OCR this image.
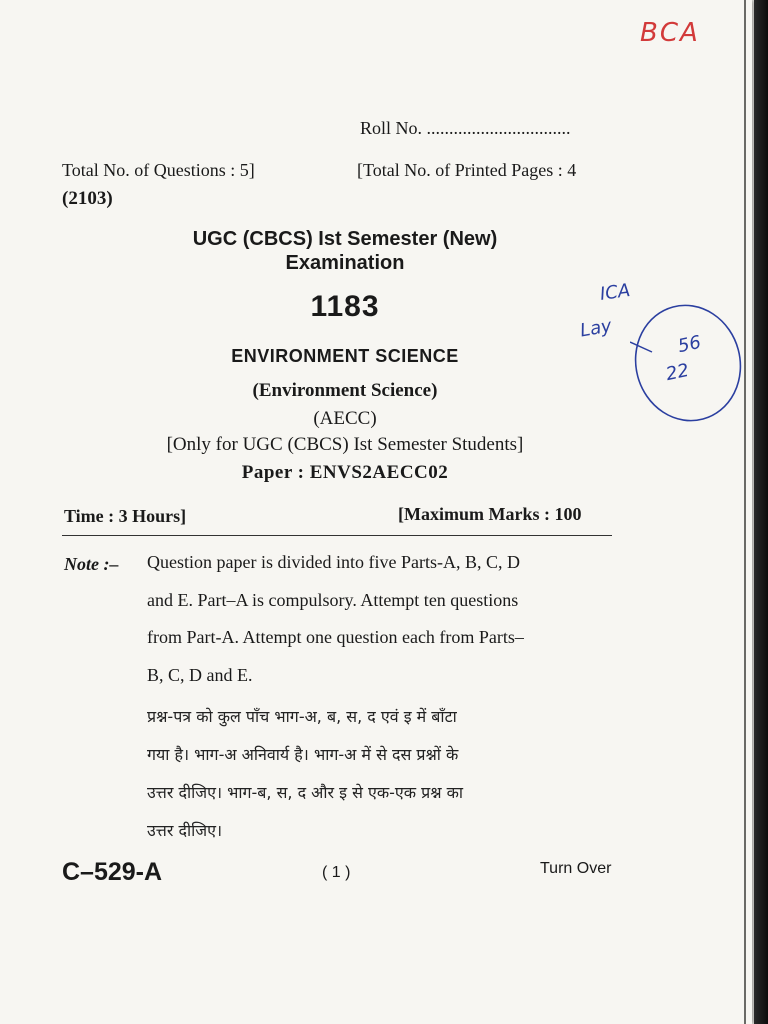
BCA
ICA
Lay
56
22
Roll No. ................................
Total No. of Questions : 5]	[Total No. of Printed Pages : 4
(2103)
UGC (CBCS) Ist Semester (New)
Examination
1183
ENVIRONMENT SCIENCE
(Environment Science)
(AECC)
[Only for UGC (CBCS) Ist Semester Students]
Paper : ENVS2AECC02
Time : 3 Hours]	[Maximum Marks : 100
Note :– Question paper is divided into five Parts-A, B, C, D
and E. Part–A is compulsory. Attempt ten questions
from Part-A. Attempt one question each from Parts–
B, C, D and E.
प्रश्न-पत्र को कुल पाँच भाग-अ, ब, स, द एवं इ में बाँटा
गया है। भाग-अ अनिवार्य है। भाग-अ में से दस प्रश्नों के
उत्तर दीजिए। भाग-ब, स, द और इ से एक-एक प्रश्न का
उत्तर दीजिए।
C–529-A	( 1 )	Turn Over
